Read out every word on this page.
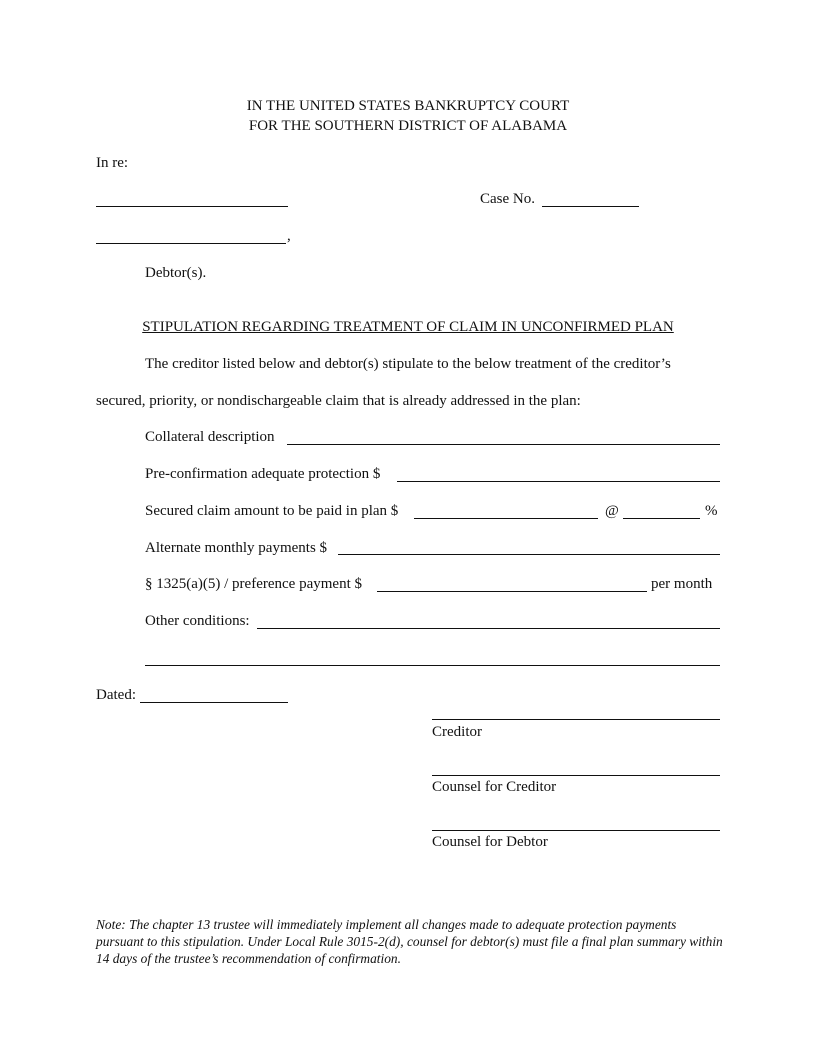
IN THE UNITED STATES BANKRUPTCY COURT
FOR THE SOUTHERN DISTRICT OF ALABAMA
In re:
Case No.
,
Debtor(s).
STIPULATION REGARDING TREATMENT OF CLAIM IN UNCONFIRMED PLAN
The creditor listed below and debtor(s) stipulate to the below treatment of the creditor’s
secured, priority, or nondischargeable claim that is already addressed in the plan:
Collateral description
Pre-confirmation adequate protection $
Secured claim amount to be paid in plan $	@	%
Alternate monthly payments $
§ 1325(a)(5) / preference payment $	per month
Other conditions:
Dated:
Creditor
Counsel for Creditor
Counsel for Debtor
Note: The chapter 13 trustee will immediately implement all changes made to adequate protection payments pursuant to this stipulation. Under Local Rule 3015-2(d), counsel for debtor(s) must file a final plan summary within 14 days of the trustee’s recommendation of confirmation.
